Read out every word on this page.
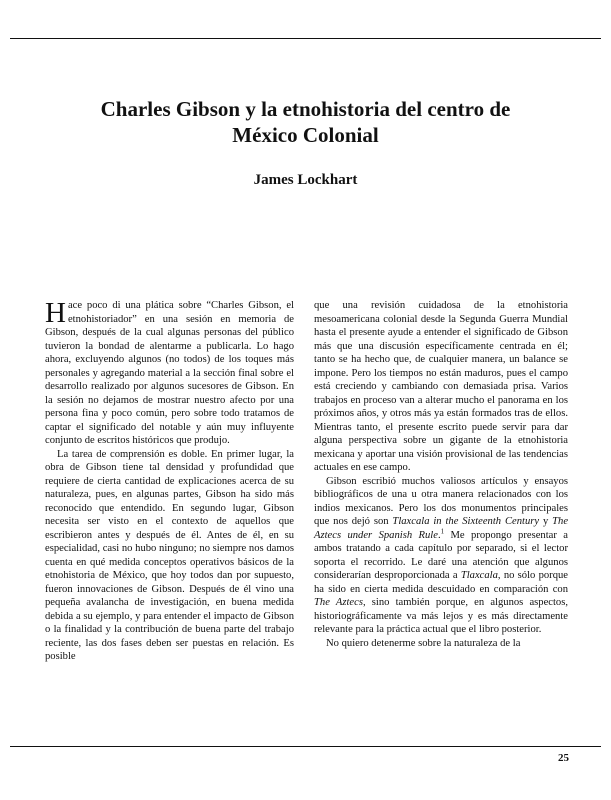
Charles Gibson y la etnohistoria del centro de
México Colonial

James Lockhart

Hace poco di una plática sobre “Charles Gibson, el etnohistoriador” en una sesión en memoria de Gibson, después de la cual algunas personas del público tuvieron la bondad de alentarme a publicarla. Lo hago ahora, excluyendo algunos (no todos) de los toques más personales y agregando material a la sección final sobre el desarrollo realizado por algunos sucesores de Gibson. En la sesión no dejamos de mostrar nuestro afecto por una persona fina y poco común, pero sobre todo tratamos de captar el significado del notable y aún muy influyente conjunto de escritos históricos que produjo.

La tarea de comprensión es doble. En primer lugar, la obra de Gibson tiene tal densidad y profundidad que requiere de cierta cantidad de explicaciones acerca de su naturaleza, pues, en algunas partes, Gibson ha sido más reconocido que entendido. En segundo lugar, Gibson necesita ser visto en el contexto de aquellos que escribieron antes y después de él. Antes de él, en su especialidad, casi no hubo ninguno; no siempre nos damos cuenta en qué medida conceptos operativos básicos de la etnohistoria de México, que hoy todos dan por supuesto, fueron innovaciones de Gibson. Después de él vino una pequeña avalancha de investigación, en buena medida debida a su ejemplo, y para entender el impacto de Gibson o la finalidad y la contribución de buena parte del trabajo reciente, las dos fases deben ser puestas en relación. Es posible

que una revisión cuidadosa de la etnohistoria mesoamericana colonial desde la Segunda Guerra Mundial hasta el presente ayude a entender el significado de Gibson más que una discusión específicamente centrada en él; tanto se ha hecho que, de cualquier manera, un balance se impone. Pero los tiempos no están maduros, pues el campo está creciendo y cambiando con demasiada prisa. Varios trabajos en proceso van a alterar mucho el panorama en los próximos años, y otros más ya están formados tras de ellos. Mientras tanto, el presente escrito puede servir para dar alguna perspectiva sobre un gigante de la etnohistoria mexicana y aportar una visión provisional de las tendencias actuales en ese campo.

Gibson escribió muchos valiosos artículos y ensayos bibliográficos de una u otra manera relacionados con los indios mexicanos. Pero los dos monumentos principales que nos dejó son Tlaxcala in the Sixteenth Century y The Aztecs under Spanish Rule.$^1$ Me propongo presentar a ambos tratando a cada capítulo por separado, si el lector soporta el recorrido. Le daré una atención que algunos considerarían desproporcionada a Tlaxcala, no sólo porque ha sido en cierta medida descuidado en comparación con The Aztecs, sino también porque, en algunos aspectos, historiográficamente va más lejos y es más directamente relevante para la práctica actual que el libro posterior.

No quiero detenerme sobre la naturaleza de la

25
